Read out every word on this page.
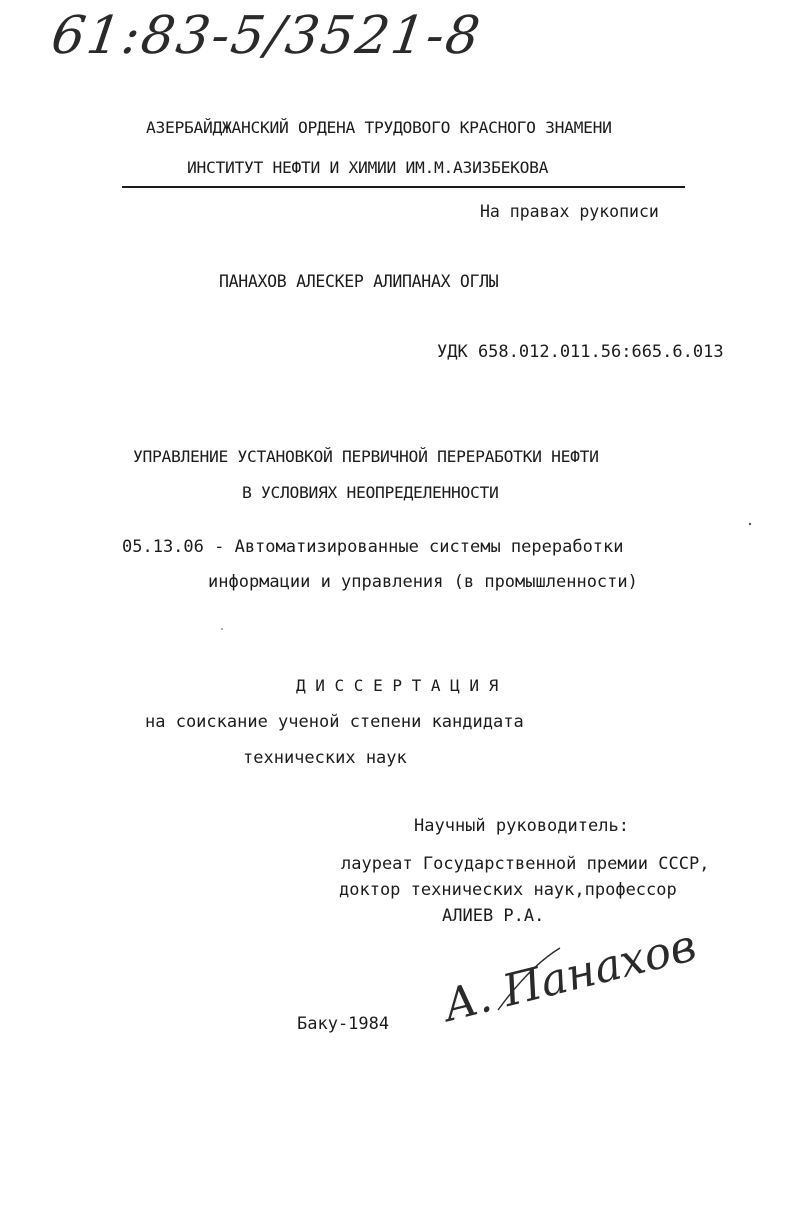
61:83-5/3521-8
АЗЕРБАЙДЖАНСКИЙ ОРДЕНА ТРУДОВОГО КРАСНОГО ЗНАМЕНИ
ИНСТИТУТ НЕФТИ И ХИМИИ ИМ.М.АЗИЗБЕКОВА
На правах рукописи
ПАНАХОВ АЛЕСКЕР АЛИПАНАХ ОГЛЫ
УДК 658.012.011.56:665.6.013
УПРАВЛЕНИЕ УСТАНОВКОЙ ПЕРВИЧНОЙ ПЕРЕРАБОТКИ НЕФТИ
В УСЛОВИЯХ НЕОПРЕДЕЛЕННОСТИ
05.13.06 - Автоматизированные системы переработки
информации и управления (в промышленности)
Д И С С Е Р Т А Ц И Я
на соискание ученой степени кандидата
технических наук
Научный руководитель:
лауреат Государственной премии СССР,
доктор технических наук,профессор
АЛИЕВ Р.А.
Баку-1984 А. Панахов
